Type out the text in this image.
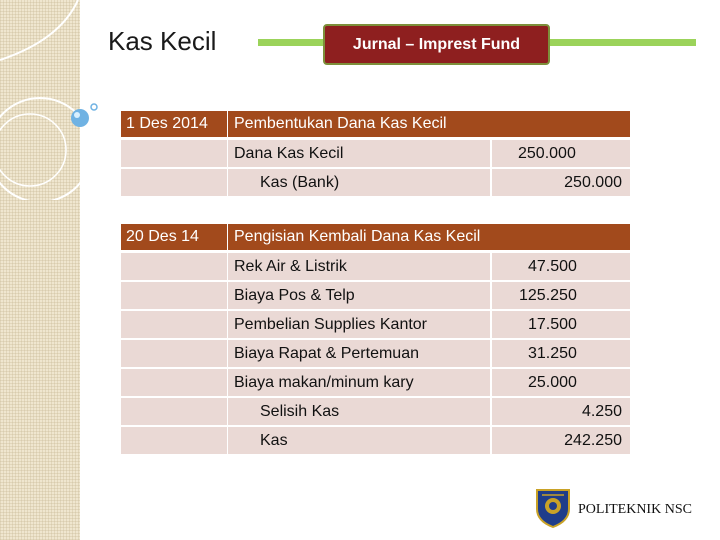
Kas Kecil	Jurnal – Imprest Fund
1 Des 2014	Pembentukan Dana Kas Kecil
Dana Kas Kecil	250.000
Kas (Bank)	250.000
20 Des 14	Pengisian Kembali Dana Kas Kecil
Rek Air & Listrik	47.500
Biaya Pos & Telp	125.250
Pembelian Supplies Kantor	17.500
Biaya Rapat & Pertemuan	31.250
Biaya makan/minum kary	25.000
Selisih Kas	4.250
Kas	242.250
POLITEKNIK NSC
